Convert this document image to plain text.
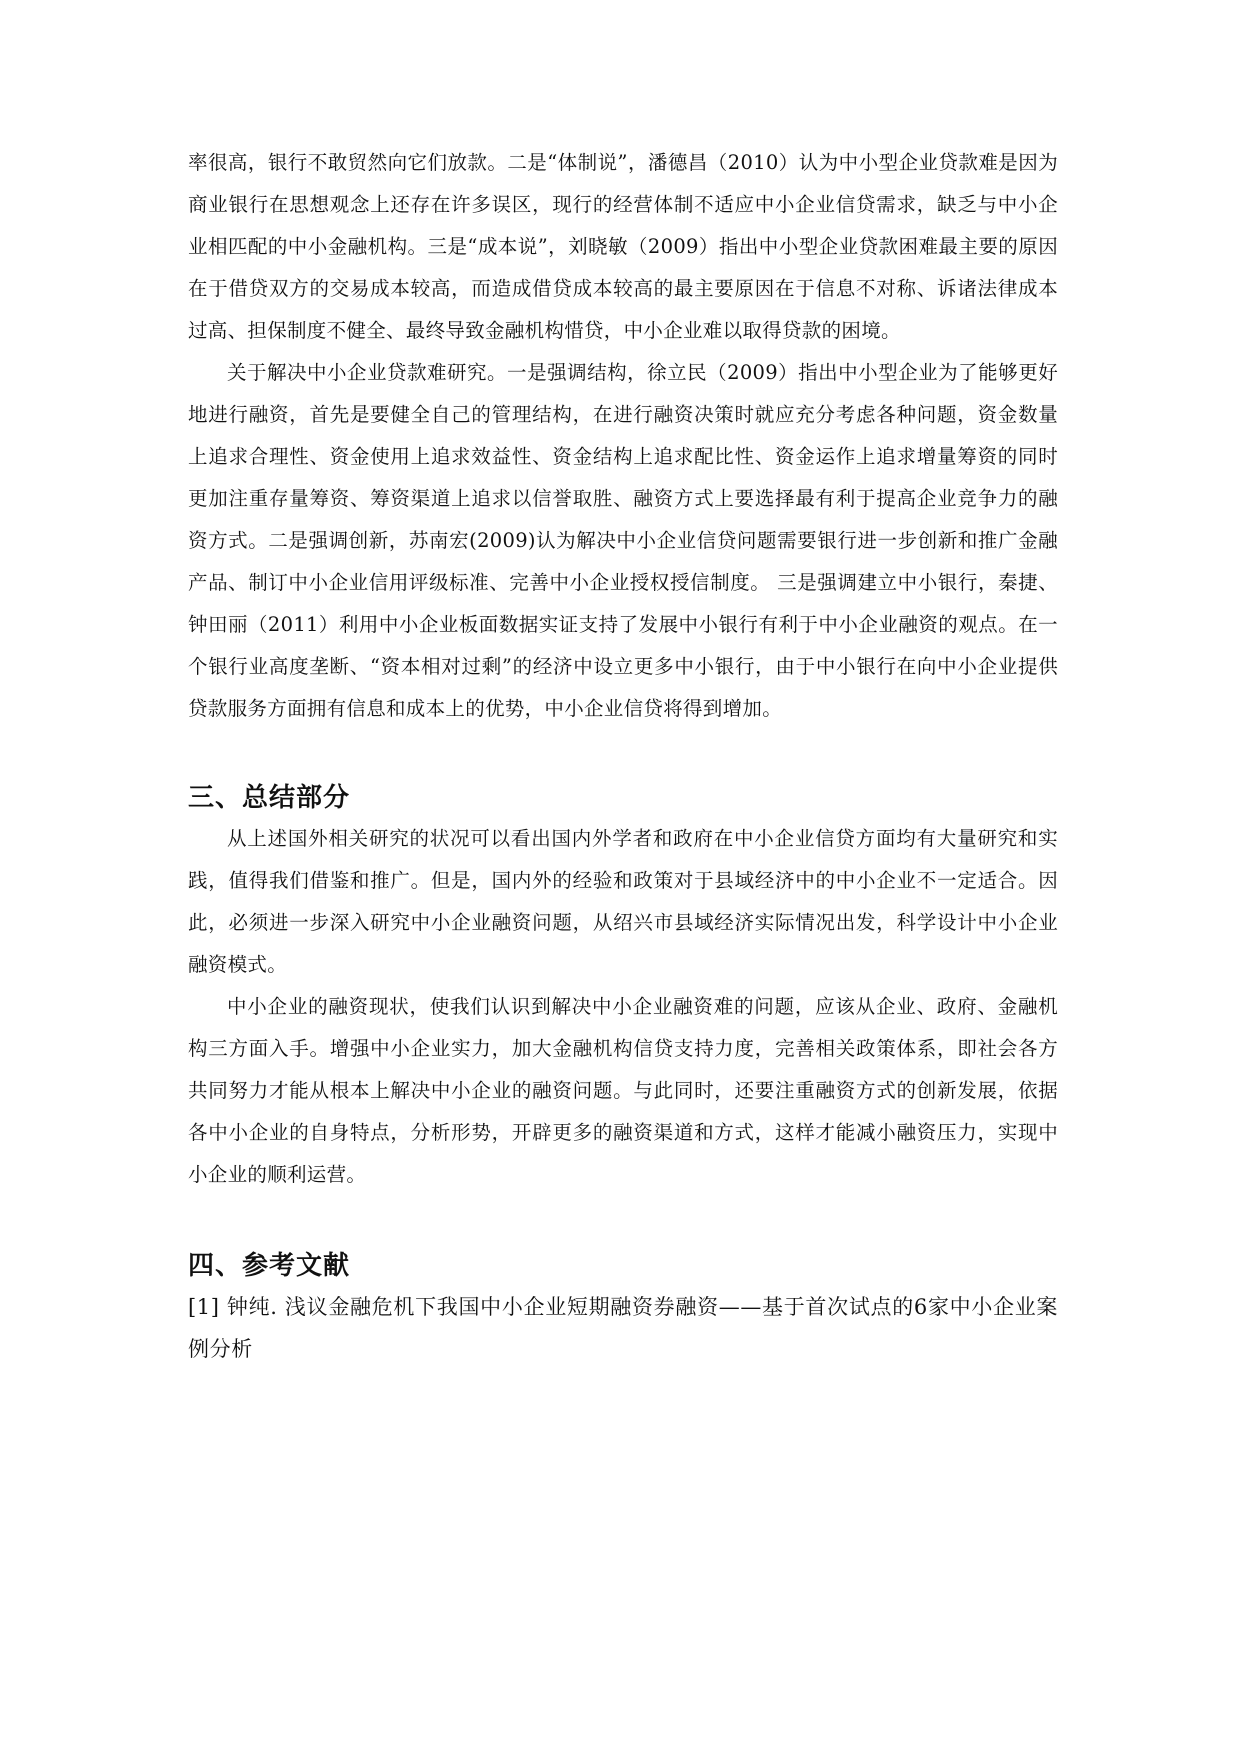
率很高，银行不敢贸然向它们放款。二是“体制说”，潘德昌（2010）认为中小型企业贷款难是因为商业银行在思想观念上还存在许多误区，现行的经营体制不适应中小企业信贷需求，缺乏与中小企业相匹配的中小金融机构。三是“成本说”，刘晓敏（2009）指出中小型企业贷款困难最主要的原因在于借贷双方的交易成本较高，而造成借贷成本较高的最主要原因在于信息不对称、诉诸法律成本过高、担保制度不健全、最终导致金融机构惜贷，中小企业难以取得贷款的困境。

关于解决中小企业贷款难研究。一是强调结构，徐立民（2009）指出中小型企业为了能够更好地进行融资，首先是要健全自己的管理结构，在进行融资决策时就应充分考虑各种问题，资金数量上追求合理性、资金使用上追求效益性、资金结构上追求配比性、资金运作上追求增量筹资的同时更加注重存量筹资、筹资渠道上追求以信誉取胜、融资方式上要选择最有利于提高企业竞争力的融资方式。二是强调创新，苏南宏(2009)认为解决中小企业信贷问题需要银行进一步创新和推广金融产品、制订中小企业信用评级标准、完善中小企业授权授信制度。 三是强调建立中小银行，秦捷、钟田丽（2011）利用中小企业板面数据实证支持了发展中小银行有利于中小企业融资的观点。在一个银行业高度垄断、“资本相对过剩”的经济中设立更多中小银行，由于中小银行在向中小企业提供贷款服务方面拥有信息和成本上的优势，中小企业信贷将得到增加。

三、总结部分

从上述国外相关研究的状况可以看出国内外学者和政府在中小企业信贷方面均有大量研究和实践，值得我们借鉴和推广。但是，国内外的经验和政策对于县域经济中的中小企业不一定适合。因此，必须进一步深入研究中小企业融资问题，从绍兴市县域经济实际情况出发，科学设计中小企业融资模式。

中小企业的融资现状，使我们认识到解决中小企业融资难的问题，应该从企业、政府、金融机构三方面入手。增强中小企业实力，加大金融机构信贷支持力度，完善相关政策体系，即社会各方共同努力才能从根本上解决中小企业的融资问题。与此同时，还要注重融资方式的创新发展，依据各中小企业的自身特点，分析形势，开辟更多的融资渠道和方式，这样才能减小融资压力，实现中小企业的顺利运营。

四、参考文献

[1] 钟纯. 浅议金融危机下我国中小企业短期融资券融资——基于首次试点的6家中小企业案例分析
